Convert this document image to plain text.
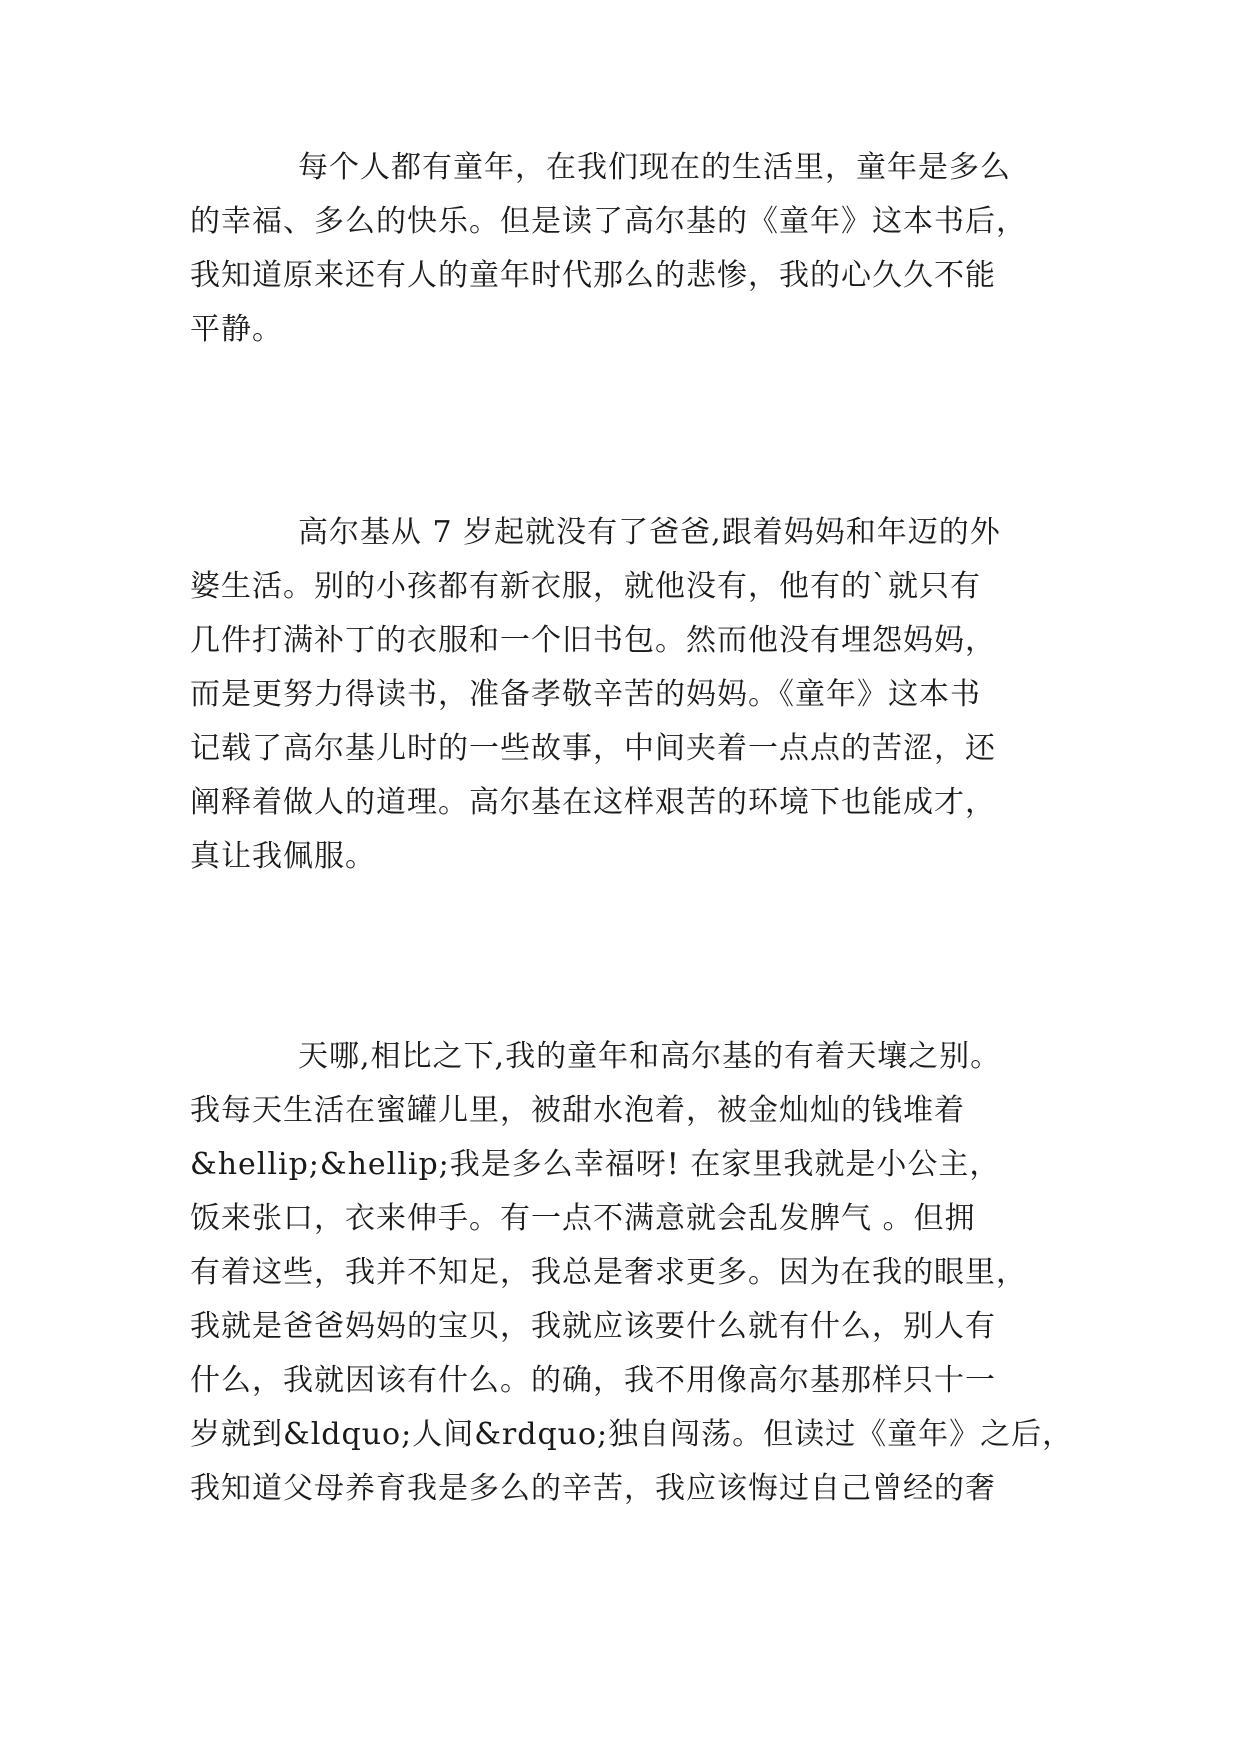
每个人都有童年，在我们现在的生活里，童年是多么
的幸福、多么的快乐。但是读了高尔基的《童年》这本书后，
我知道原来还有人的童年时代那么的悲惨，我的心久久不能
平静。
高尔基从 7 岁起就没有了爸爸,跟着妈妈和年迈的外
婆生活。别的小孩都有新衣服，就他没有，他有的`就只有
几件打满补丁的衣服和一个旧书包。然而他没有埋怨妈妈，
而是更努力得读书，准备孝敬辛苦的妈妈。《童年》这本书
记载了高尔基儿时的一些故事，中间夹着一点点的苦涩，还
阐释着做人的道理。高尔基在这样艰苦的环境下也能成才，
真让我佩服。
天哪,相比之下,我的童年和高尔基的有着天壤之别。
我每天生活在蜜罐儿里，被甜水泡着，被金灿灿的钱堆着
&hellip;&hellip;我是多么幸福呀! 在家里我就是小公主，
饭来张口，衣来伸手。有一点不满意就会乱发脾气 。但拥
有着这些，我并不知足，我总是奢求更多。因为在我的眼里，
我就是爸爸妈妈的宝贝，我就应该要什么就有什么，别人有
什么，我就因该有什么。的确，我不用像高尔基那样只十一
岁就到&ldquo;人间&rdquo;独自闯荡。但读过《童年》之后，
我知道父母养育我是多么的辛苦，我应该悔过自己曾经的奢
